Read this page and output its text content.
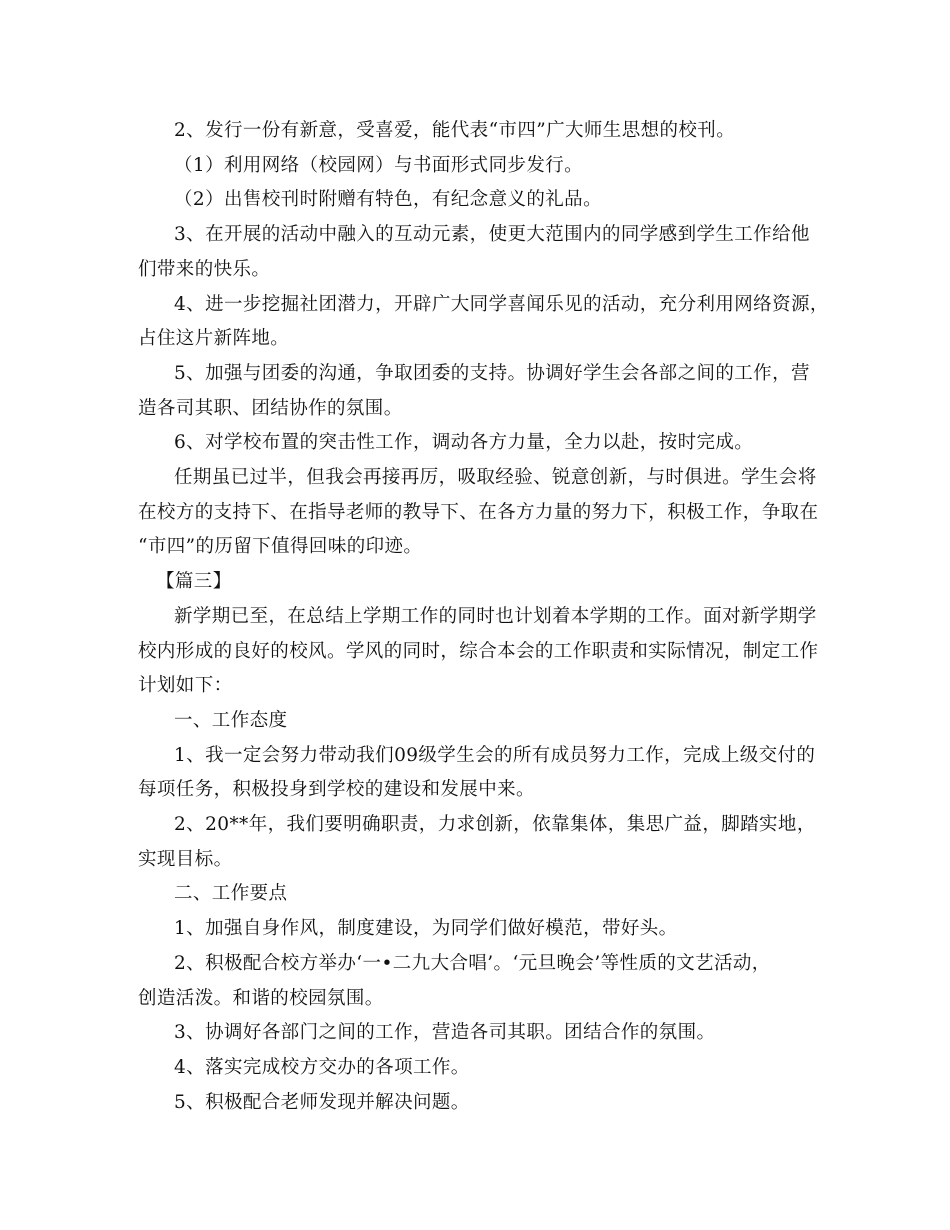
2、发行一份有新意，受喜爱，能代表“市四”广大师生思想的校刊。
（1）利用网络（校园网）与书面形式同步发行。
（2）出售校刊时附赠有特色，有纪念意义的礼品。
3、在开展的活动中融入的互动元素，使更大范围内的同学感到学生工作给他
们带来的快乐。
4、进一步挖掘社团潜力，开辟广大同学喜闻乐见的活动，充分利用网络资源，
占住这片新阵地。
5、加强与团委的沟通，争取团委的支持。协调好学生会各部之间的工作，营
造各司其职、团结协作的氛围。
6、对学校布置的突击性工作，调动各方力量，全力以赴，按时完成。
任期虽已过半，但我会再接再厉，吸取经验、锐意创新，与时俱进。学生会将
在校方的支持下、在指导老师的教导下、在各方力量的努力下，积极工作，争取在
“市四”的历留下值得回味的印迹。
【篇三】
新学期已至，在总结上学期工作的同时也计划着本学期的工作。面对新学期学
校内形成的良好的校风。学风的同时，综合本会的工作职责和实际情况，制定工作
计划如下：
一、工作态度
1、我一定会努力带动我们09级学生会的所有成员努力工作，完成上级交付的
每项任务，积极投身到学校的建设和发展中来。
2、20**年，我们要明确职责，力求创新，依靠集体，集思广益，脚踏实地，
实现目标。
二、工作要点
1、加强自身作风，制度建设，为同学们做好模范，带好头。
2、积极配合校方举办‘一•二九大合唱’。‘元旦晚会’等性质的文艺活动，
创造活泼。和谐的校园氛围。
3、协调好各部门之间的工作，营造各司其职。团结合作的氛围。
4、落实完成校方交办的各项工作。
5、积极配合老师发现并解决问题。
